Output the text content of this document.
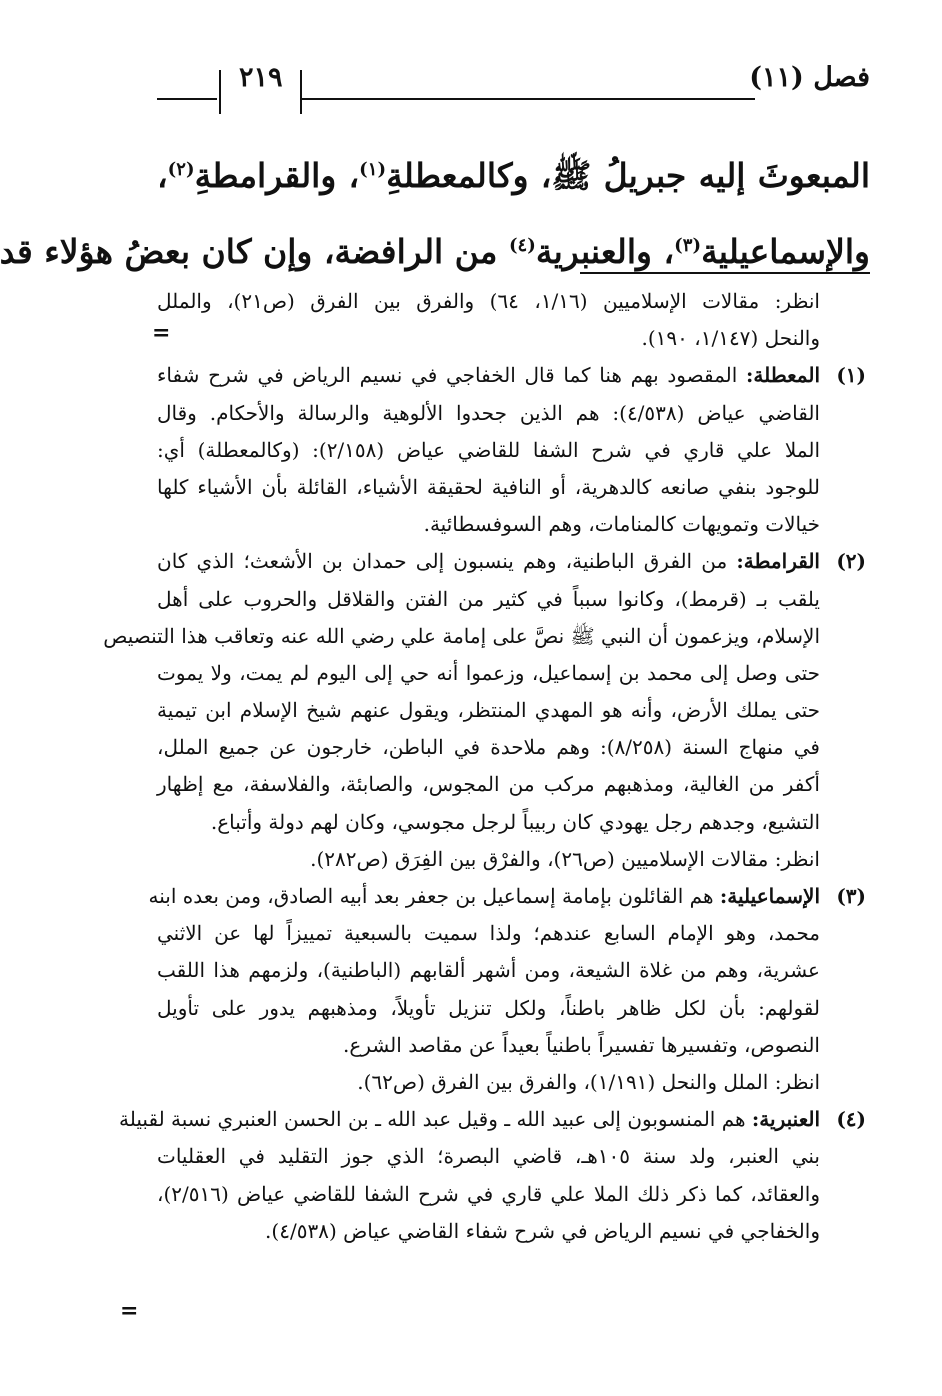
فصل (١١)
٢١٩
المبعوثَ إليه جبريلُ ﷺ، وكالمعطلةِ$^{(١)}$، والقرامطةِ$^{(٢)}$،
والإسماعيلية$^{(٣)}$، والعنبرية$^{(٤)}$ من الرافضة، وإن كان بعضُ هؤلاء قد
=
انظر: مقالات الإسلاميين (١/١٦، ٦٤) والفرق بين الفرق (ص٢١)، والملل
والنحل (١/١٤٧، ١٩٠).
(١)
المعطلة: المقصود بهم هنا كما قال الخفاجي في نسيم الرياض في شرح شفاء
القاضي عياض (٤/٥٣٨): هم الذين جحدوا الألوهية والرسالة والأحكام. وقال
الملا علي قاري في شرح الشفا للقاضي عياض (٢/١٥٨): (وكالمعطلة) أي:
للوجود بنفي صانعه كالدهرية، أو النافية لحقيقة الأشياء، القائلة بأن الأشياء كلها
خيالات وتمويهات كالمنامات، وهم السوفسطائية.
(٢)
القرامطة: من الفرق الباطنية، وهم ينسبون إلى حمدان بن الأشعث؛ الذي كان
يلقب بـ (قرمط)، وكانوا سبباً في كثير من الفتن والقلاقل والحروب على أهل
الإسلام، ويزعمون أن النبي ﷺ نصَّ على إمامة علي رضي الله عنه وتعاقب هذا التنصيص
حتى وصل إلى محمد بن إسماعيل، وزعموا أنه حي إلى اليوم لم يمت، ولا يموت
حتى يملك الأرض، وأنه هو المهدي المنتظر، ويقول عنهم شيخ الإسلام ابن تيمية
في منهاج السنة (٨/٢٥٨): وهم ملاحدة في الباطن، خارجون عن جميع الملل،
أكفر من الغالية، ومذهبهم مركب من المجوس، والصابئة، والفلاسفة، مع إظهار
التشيع، وجدهم رجل يهودي كان ربيباً لرجل مجوسي، وكان لهم دولة وأتباع.
انظر: مقالات الإسلاميين (ص٢٦)، والفرْق بين الفِرَق (ص٢٨٢).
(٣)
الإسماعيلية: هم القائلون بإمامة إسماعيل بن جعفر بعد أبيه الصادق، ومن بعده ابنه
محمد، وهو الإمام السابع عندهم؛ ولذا سميت بالسبعية تمييزاً لها عن الاثني
عشرية، وهم من غلاة الشيعة، ومن أشهر ألقابهم (الباطنية)، ولزمهم هذا اللقب
لقولهم: بأن لكل ظاهر باطناً، ولكل تنزيل تأويلاً، ومذهبهم يدور على تأويل
النصوص، وتفسيرها تفسيراً باطنياً بعيداً عن مقاصد الشرع.
انظر: الملل والنحل (١/١٩١)، والفرق بين الفرق (ص٦٢).
(٤)
العنبرية: هم المنسوبون إلى عبيد الله ـ وقيل عبد الله ـ بن الحسن العنبري نسبة لقبيلة
بني العنبر، ولد سنة ١٠٥هـ، قاضي البصرة؛ الذي جوز التقليد في العقليات
والعقائد، كما ذكر ذلك الملا علي قاري في شرح الشفا للقاضي عياض (٢/٥١٦)،
والخفاجي في نسيم الرياض في شرح شفاء القاضي عياض (٤/٥٣٨).
=
